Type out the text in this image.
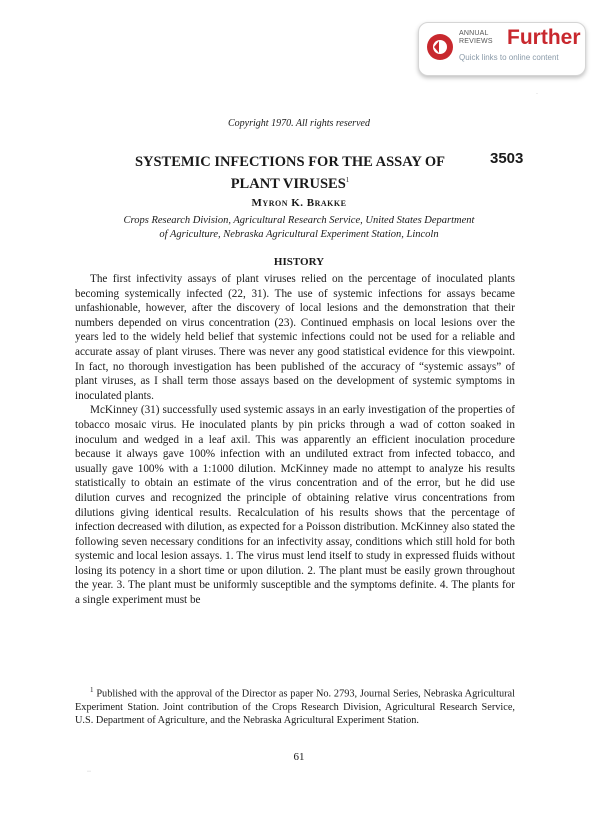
ANNUAL
REVIEWS Further
Quick links to online content
·
Copyright 1970. All rights reserved
3503
SYSTEMIC INFECTIONS FOR THE ASSAY OF
PLANT VIRUSES$^1$
Myron K. Brakke
Crops Research Division, Agricultural Research Service, United States Department
of Agriculture, Nebraska Agricultural Experiment Station, Lincoln
HISTORY

The first infectivity assays of plant viruses relied on the percentage of inoculated plants becoming systemically infected (22, 31). The use of systemic infections for assays became unfashionable, however, after the discovery of local lesions and the demonstration that their numbers depended on virus concentration (23). Continued emphasis on local lesions over the years led to the widely held belief that systemic infections could not be used for a reliable and accurate assay of plant viruses. There was never any good statistical evidence for this viewpoint. In fact, no thorough investigation has been published of the accuracy of “systemic assays” of plant viruses, as I shall term those assays based on the development of systemic symptoms in inoculated plants.

McKinney (31) successfully used systemic assays in an early investigation of the properties of tobacco mosaic virus. He inoculated plants by pin pricks through a wad of cotton soaked in inoculum and wedged in a leaf axil. This was apparently an efficient inoculation procedure because it always gave 100% infection with an undiluted extract from infected tobacco, and usually gave 100% with a 1:1000 dilution. McKinney made no attempt to analyze his results statistically to obtain an estimate of the virus concentration and of the error, but he did use dilution curves and recognized the principle of obtaining relative virus concentrations from dilutions giving identical results. Recalculation of his results shows that the percentage of infection decreased with dilution, as expected for a Poisson distribution. McKinney also stated the following seven necessary conditions for an infectivity assay, conditions which still hold for both systemic and local lesion assays. 1. The virus must lend itself to study in expressed fluids without losing its potency in a short time or upon dilution. 2. The plant must be easily grown throughout the year. 3. The plant must be uniformly susceptible and the symptoms definite. 4. The plants for a single experiment must be

$^1$ Published with the approval of the Director as paper No. 2793, Journal Series, Nebraska Agricultural Experiment Station. Joint contribution of the Crops Research Division, Agricultural Research Service, U.S. Department of Agriculture, and the Nebraska Agricultural Experiment Station.

61
··
